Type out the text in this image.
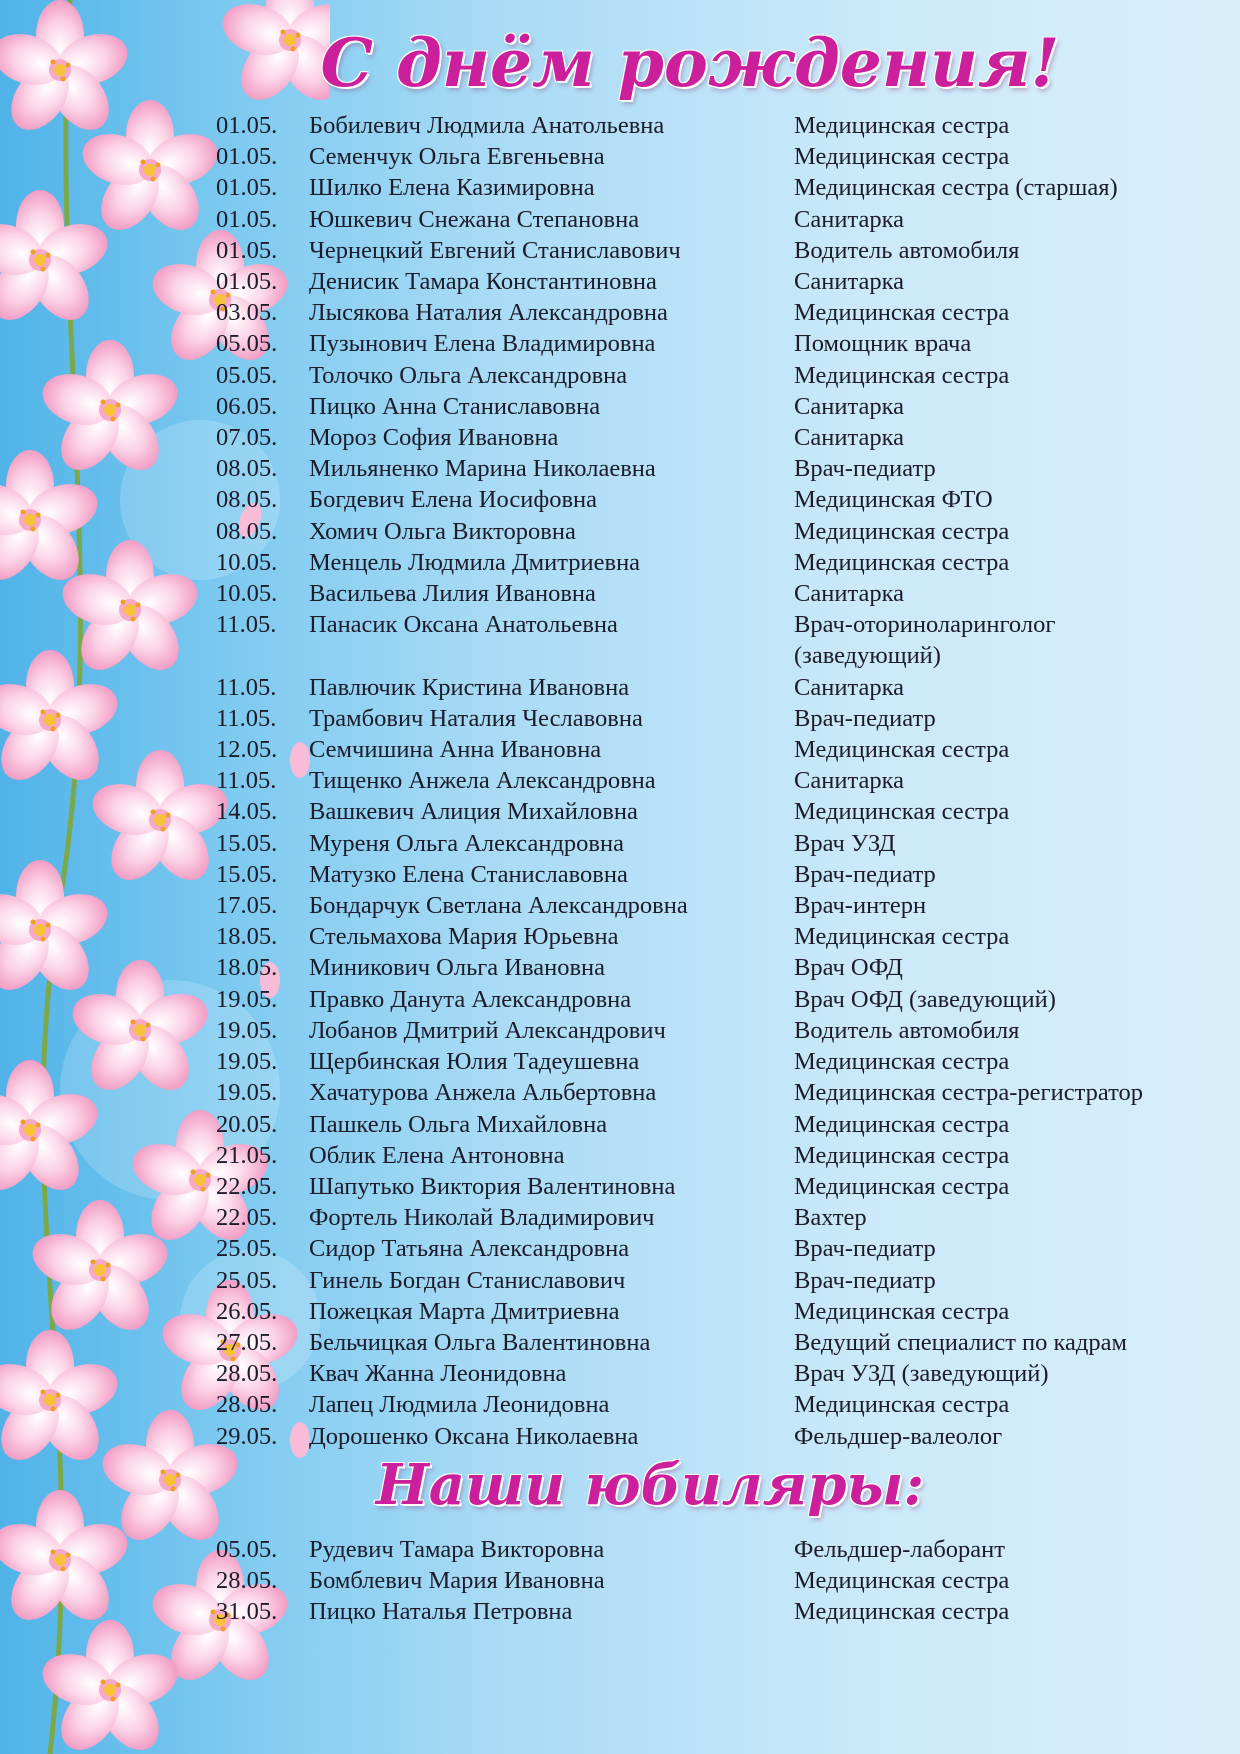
С днём рождения!
01.05.	Бобилевич Людмила Анатольевна	Медицинская сестра
01.05.	Семенчук Ольга Евгеньевна	Медицинская сестра
01.05.	Шилко Елена Казимировна	Медицинская сестра (старшая)
01.05.	Юшкевич Снежана Степановна	Санитарка
01.05.	Чернецкий Евгений Станиславович	Водитель автомобиля
01.05.	Денисик Тамара Константиновна	Санитарка
03.05.	Лысякова Наталия Александровна	Медицинская сестра
05.05.	Пузынович Елена Владимировна	Помощник врача
05.05.	Толочко Ольга Александровна	Медицинская сестра
06.05.	Пицко Анна Станиславовна	Санитарка
07.05.	Мороз София Ивановна	Санитарка
08.05.	Мильяненко Марина Николаевна	Врач-педиатр
08.05.	Богдевич Елена Иосифовна	Медицинская ФТО
08.05.	Хомич Ольга Викторовна	Медицинская сестра
10.05.	Менцель Людмила Дмитриевна	Медицинская сестра
10.05.	Васильева Лилия Ивановна	Санитарка
11.05.	Панасик Оксана Анатольевна	Врач-оториноларинголог
(заведующий)
11.05.	Павлючик Кристина Ивановна	Санитарка
11.05.	Трамбович Наталия Чеславовна	Врач-педиатр
12.05.	Семчишина Анна Ивановна	Медицинская сестра
11.05.	Тищенко Анжела Александровна	Санитарка
14.05.	Вашкевич Алиция Михайловна	Медицинская сестра
15.05.	Муреня Ольга Александровна	Врач УЗД
15.05.	Матузко Елена Станиславовна	Врач-педиатр
17.05.	Бондарчук Светлана Александровна	Врач-интерн
18.05.	Стельмахова Мария Юрьевна	Медицинская сестра
18.05.	Миникович Ольга Ивановна	Врач ОФД
19.05.	Правко Данута Александровна	Врач ОФД (заведующий)
19.05.	Лобанов Дмитрий Александрович	Водитель автомобиля
19.05.	Щербинская Юлия Тадеушевна	Медицинская сестра
19.05.	Хачатурова Анжела Альбертовна	Медицинская сестра-регистратор
20.05.	Пашкель Ольга Михайловна	Медицинская сестра
21.05.	Облик Елена Антоновна	Медицинская сестра
22.05.	Шапутько Виктория Валентиновна	Медицинская сестра
22.05.	Фортель Николай Владимирович	Вахтер
25.05.	Сидор Татьяна Александровна	Врач-педиатр
25.05.	Гинель Богдан Станиславович	Врач-педиатр
26.05.	Пожецкая Марта Дмитриевна	Медицинская сестра
27.05.	Бельчицкая Ольга Валентиновна	Ведущий специалист по кадрам
28.05.	Квач Жанна Леонидовна	Врач УЗД (заведующий)
28.05.	Лапец Людмила Леонидовна	Медицинская сестра
29.05.	Дорошенко Оксана Николаевна	Фельдшер-валеолог
Наши юбиляры:
05.05.	Рудевич Тамара Викторовна	Фельдшер-лаборант
28.05.	Бомблевич Мария Ивановна	Медицинская сестра
31.05.	Пицко Наталья Петровна	Медицинская сестра
